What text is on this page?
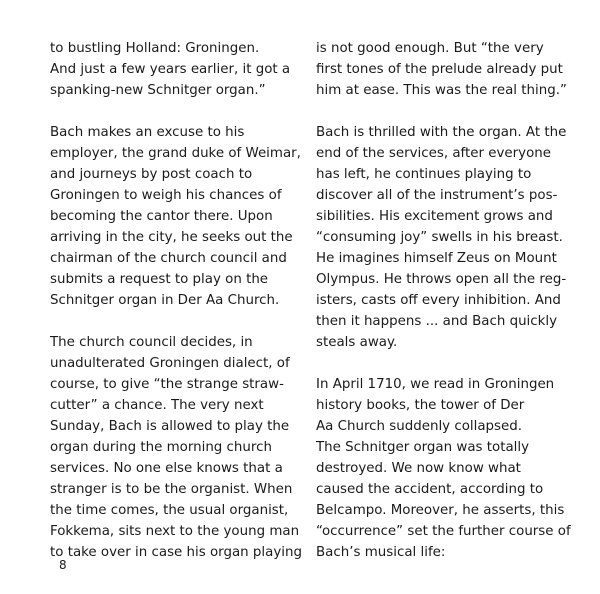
to bustling Holland: Groningen.
And just a few years earlier, it got a
spanking-new Schnitger organ.”
Bach makes an excuse to his
employer, the grand duke of Weimar,
and journeys by post coach to
Groningen to weigh his chances of
becoming the cantor there. Upon
arriving in the city, he seeks out the
chairman of the church council and
submits a request to play on the
Schnitger organ in Der Aa Church.
The church council decides, in
unadulterated Groningen dialect, of
course, to give “the strange straw-
cutter” a chance. The very next
Sunday, Bach is allowed to play the
organ during the morning church
services. No one else knows that a
stranger is to be the organist. When
the time comes, the usual organist,
Fokkema, sits next to the young man
to take over in case his organ playing
is not good enough. But “the very
first tones of the prelude already put
him at ease. This was the real thing.”
Bach is thrilled with the organ. At the
end of the services, after everyone
has left, he continues playing to
discover all of the instrument’s pos-
sibilities. His excitement grows and
“consuming joy” swells in his breast.
He imagines himself Zeus on Mount
Olympus. He throws open all the reg-
isters, casts off every inhibition. And
then it happens ... and Bach quickly
steals away.
In April 1710, we read in Groningen
history books, the tower of Der
Aa Church suddenly collapsed.
The Schnitger organ was totally
destroyed. We now know what
caused the accident, according to
Belcampo. Moreover, he asserts, this
“occurrence” set the further course of
Bach’s musical life:
8
